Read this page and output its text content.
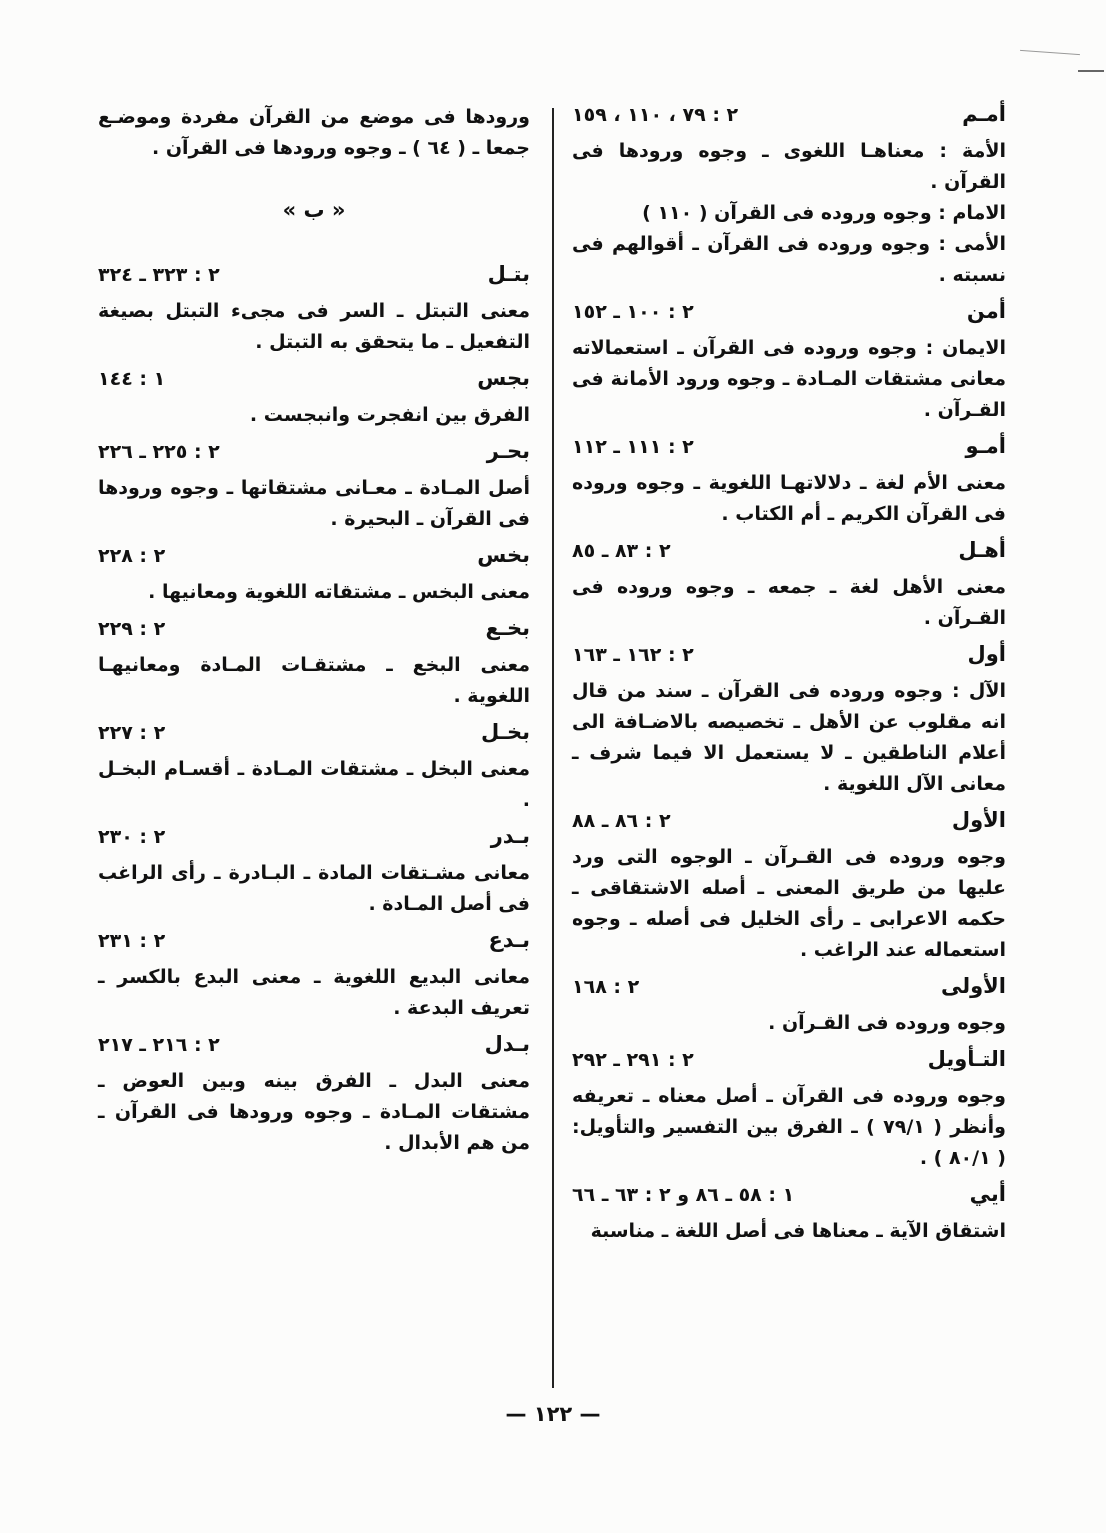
أمـم
٢ : ٧٩ ، ١١٠ ، ١٥٩
الأمة : معناهـا اللغوى ـ وجوه ورودها فى القرآن .
الامام : وجوه وروده فى القرآن ( ١١٠ )
الأمى : وجوه وروده فى القرآن ـ أقوالهم فى نسبته .
أمن
٢ : ١٠٠ ـ ١٥٢
الايمان : وجوه وروده فى القرآن ـ استعمالاته معانى مشتقات المـادة ـ وجوه ورود الأمانة فى القـرآن .
أمـو
٢ : ١١١ ـ ١١٢
معنى الأم لغة ـ دلالاتهـا اللغوية ـ وجوه وروده فى القرآن الكريم ـ أم الكتاب .
أهـل
٢ : ٨٣ ـ ٨٥
معنى الأهل لغة ـ جمعه ـ وجوه وروده فى القـرآن .
أول
٢ : ١٦٢ ـ ١٦٣
الآل : وجوه وروده فى القرآن ـ سند من قال انه مقلوب عن الأهل ـ تخصيصه بالاضـافة الى أعلام الناطقين ـ لا يستعمل الا فيما شرف ـ معانى الآل اللغوية .
الأول
٢ : ٨٦ ـ ٨٨
وجوه وروده فى القـرآن ـ الوجوه التى ورد عليها من طريق المعنى ـ أصله الاشتقاقى ـ حكمه الاعرابى ـ رأى الخليل فى أصله ـ وجوه استعماله عند الراغب .
الأولى
٢ : ١٦٨
وجوه وروده فى القـرآن .
التـأويل
٢ : ٢٩١ ـ ٢٩٢
وجوه وروده فى القرآن ـ أصل معناه ـ تعريفه وأنظر ( ٧٩/١ ) ـ الفرق بين التفسير والتأويل: ( ٨٠/١ ) .
أيي
١ : ٥٨ ـ ٨٦ و ٢ : ٦٣ ـ ٦٦
اشتقاق الآية ـ معناها فى أصل اللغة ـ مناسبة
ورودها فى موضع من القرآن مفردة وموضـع جمعا ـ ( ٦٤ ) ـ وجوه ورودها فى القرآن .
« ب »
بتـل
٢ : ٣٢٣ ـ ٣٢٤
معنى التبتل ـ السر فى مجىء التبتل بصيغة التفعيل ـ ما يتحقق به التبتل .
بجس
١ : ١٤٤
الفرق بين انفجرت وانبجست .
بحـر
٢ : ٢٢٥ ـ ٢٢٦
أصل المـادة ـ معـانى مشتقاتها ـ وجوه ورودها فى القرآن ـ البحيرة .
بخس
٢ : ٢٢٨
معنى البخس ـ مشتقاته اللغوية ومعانيها .
بخـع
٢ : ٢٢٩
معنى البخع ـ مشتقـات المـادة ومعانيهـا اللغوية .
بخـل
٢ : ٢٢٧
معنى البخل ـ مشتقات المـادة ـ أقسـام البخـل .
بـدر
٢ : ٢٣٠
معانى مشـتقات المادة ـ البـادرة ـ رأى الراغب فى أصل المـادة .
بـدع
٢ : ٢٣١
معانى البديع اللغوية ـ معنى البدع بالكسر ـ تعريف البدعة .
بـدل
٢ : ٢١٦ ـ ٢١٧
معنى البدل ـ الفرق بينه وبين العوض ـ مشتقات المـادة ـ وجوه ورودها فى القرآن ـ من هم الأبدال .
— ١٢٢ —
